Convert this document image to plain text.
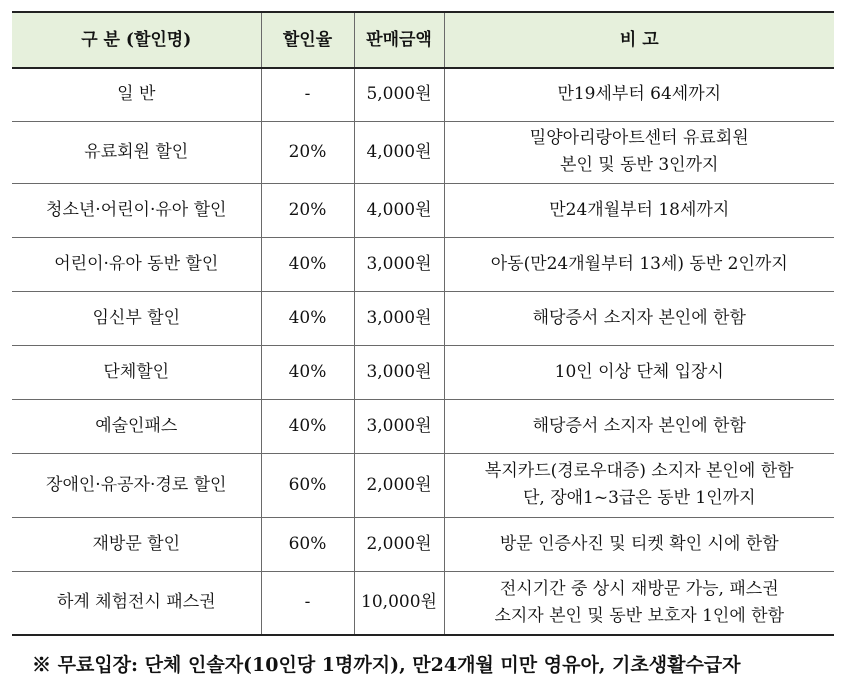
구 분 (할인명)	할인율	판매금액	비 고
일 반	-	5,000원	만19세부터 64세까지

유료회원 할인	20%	4,000원	밀양아리랑아트센터 유료회원
본인 및 동반 3인까지

청소년·어린이·유아 할인	20%	4,000원	만24개월부터 18세까지

어린이·유아 동반 할인	40%	3,000원	아동(만24개월부터 13세) 동반 2인까지

임신부 할인	40%	3,000원	해당증서 소지자 본인에 한함

단체할인	40%	3,000원	10인 이상 단체 입장시

예술인패스	40%	3,000원	해당증서 소지자 본인에 한함

장애인·유공자·경로 할인	60%	2,000원	복지카드(경로우대증) 소지자 본인에 한함
단, 장애1~3급은 동반 1인까지

재방문 할인	60%	2,000원	방문 인증사진 및 티켓 확인 시에 한함

하계 체험전시 패스권	-	10,000원	전시기간 중 상시 재방문 가능, 패스권
소지자 본인 및 동반 보호자 1인에 한함
※ 무료입장: 단체 인솔자(10인당 1명까지), 만24개월 미만 영유아, 기초생활수급자
